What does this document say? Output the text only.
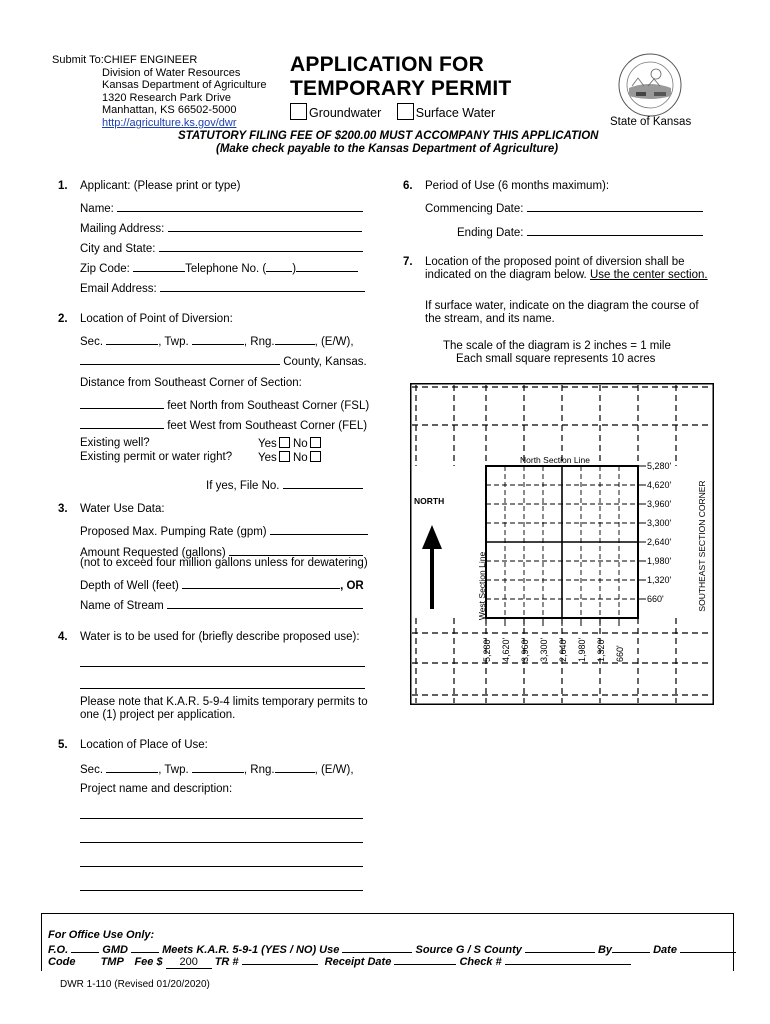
Submit To:CHIEF ENGINEER
Division of Water Resources
Kansas Department of Agriculture
1320 Research Park Drive
Manhattan, KS 66502-5000
http://agriculture.ks.gov/dwr
APPLICATION FOR
TEMPORARY PERMIT
Groundwater	Surface Water
State of Kansas
STATUTORY FILING FEE OF $200.00 MUST ACCOMPANY THIS APPLICATION
(Make check payable to the Kansas Department of Agriculture)
1. Applicant: (Please print or type)
Name:
Mailing Address:
City and State:
Zip Code:	Telephone No. ( )
Email Address:
2. Location of Point of Diversion:
Sec.	, Twp.	, Rng.	, (E/W),
County, Kansas.
Distance from Southeast Corner of Section:
feet North from Southeast Corner (FSL)
feet West from Southeast Corner (FEL)
Existing well?	Yes No
Existing permit or water right? Yes No
If yes, File No.
3. Water Use Data:
Proposed Max. Pumping Rate (gpm)
Amount Requested (gallons)
(not to exceed four million gallons unless for dewatering)
Depth of Well (feet)	, OR
Name of Stream
4. Water is to be used for (briefly describe proposed use):
Please note that K.A.R. 5-9-4 limits temporary permits to
one (1) project per application.
5. Location of Place of Use:
Sec.	, Twp.	, Rng.	, (E/W),
Project name and description:
6. Period of Use (6 months maximum):
Commencing Date:
Ending Date:
7. Location of the proposed point of diversion shall be
indicated on the diagram below. Use the center section.
If surface water, indicate on the diagram the course of
the stream, and its name.
The scale of the diagram is 2 inches = 1 mile
Each small square represents 10 acres
North Section Line
NORTH
West Section Line	SOUTHEAST SECTION CORNER
5,280'
4,620'
3,960'
3,300'
2,640'
1,980'
1,320'
660'
5,280' 4,620' 3,960' 3,300' 2,640' 1,980' 1,320' 660'
For Office Use Only:
F.O.	GMD	Meets K.A.R. 5-9-1 (YES / NO) Use	Source G / S County	By	Date
Code TMP Fee $ 200 TR #	Receipt Date	Check #
DWR 1-110 (Revised 01/20/2020)
